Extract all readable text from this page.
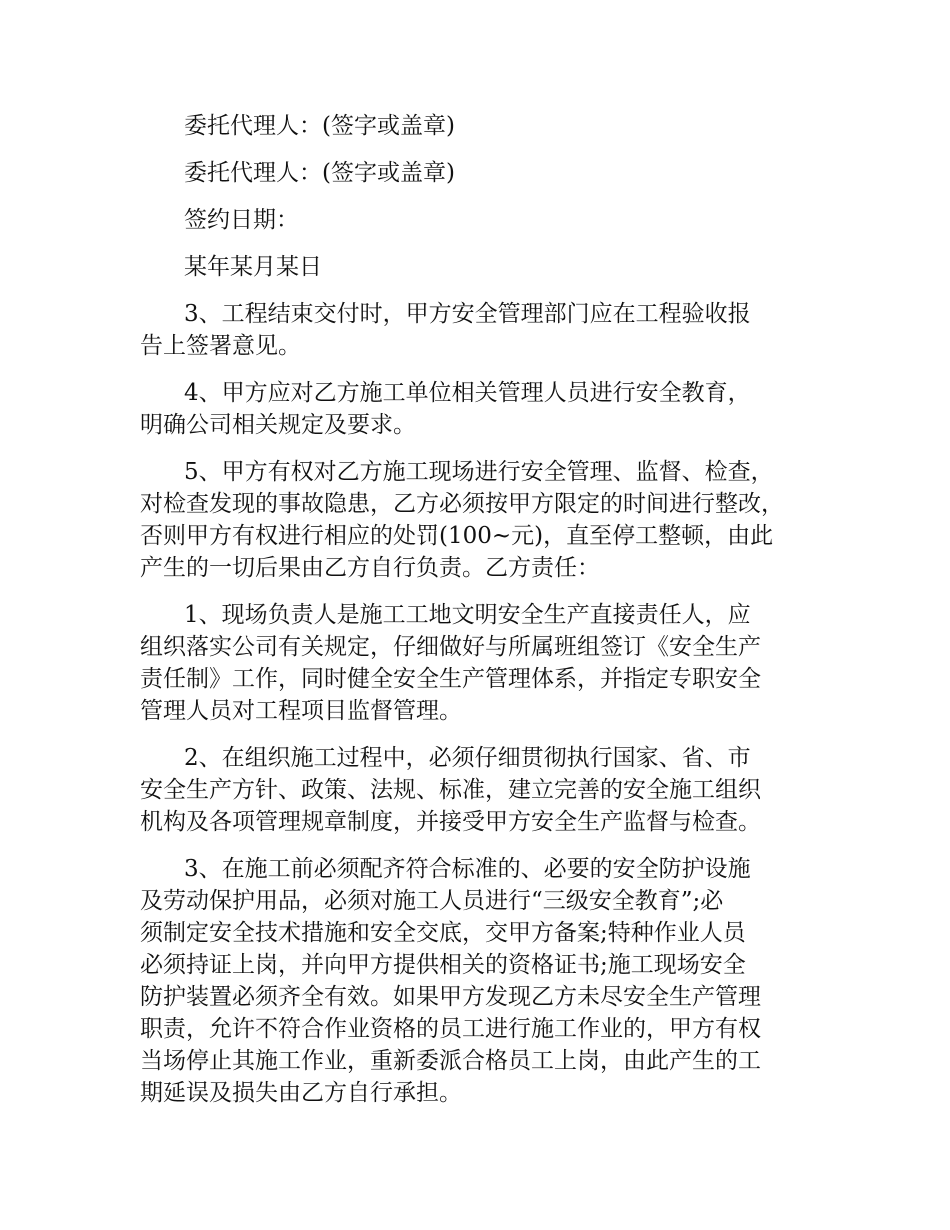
委托代理人：(签字或盖章)
委托代理人：(签字或盖章)
签约日期：
某年某月某日
3、工程结束交付时，甲方安全管理部门应在工程验收报
告上签署意见。
4、甲方应对乙方施工单位相关管理人员进行安全教育，
明确公司相关规定及要求。
5、甲方有权对乙方施工现场进行安全管理、监督、检查，
对检查发现的事故隐患，乙方必须按甲方限定的时间进行整改，
否则甲方有权进行相应的处罚(100~元)，直至停工整顿，由此
产生的一切后果由乙方自行负责。乙方责任：
1、现场负责人是施工工地文明安全生产直接责任人，应
组织落实公司有关规定，仔细做好与所属班组签订《安全生产
责任制》工作，同时健全安全生产管理体系，并指定专职安全
管理人员对工程项目监督管理。
2、在组织施工过程中，必须仔细贯彻执行国家、省、市
安全生产方针、政策、法规、标准，建立完善的安全施工组织
机构及各项管理规章制度，并接受甲方安全生产监督与检查。
3、在施工前必须配齐符合标准的、必要的安全防护设施
及劳动保护用品，必须对施工人员进行“三级安全教育”;必
须制定安全技术措施和安全交底，交甲方备案;特种作业人员
必须持证上岗，并向甲方提供相关的资格证书;施工现场安全
防护装置必须齐全有效。如果甲方发现乙方未尽安全生产管理
职责，允许不符合作业资格的员工进行施工作业的，甲方有权
当场停止其施工作业，重新委派合格员工上岗，由此产生的工
期延误及损失由乙方自行承担。
